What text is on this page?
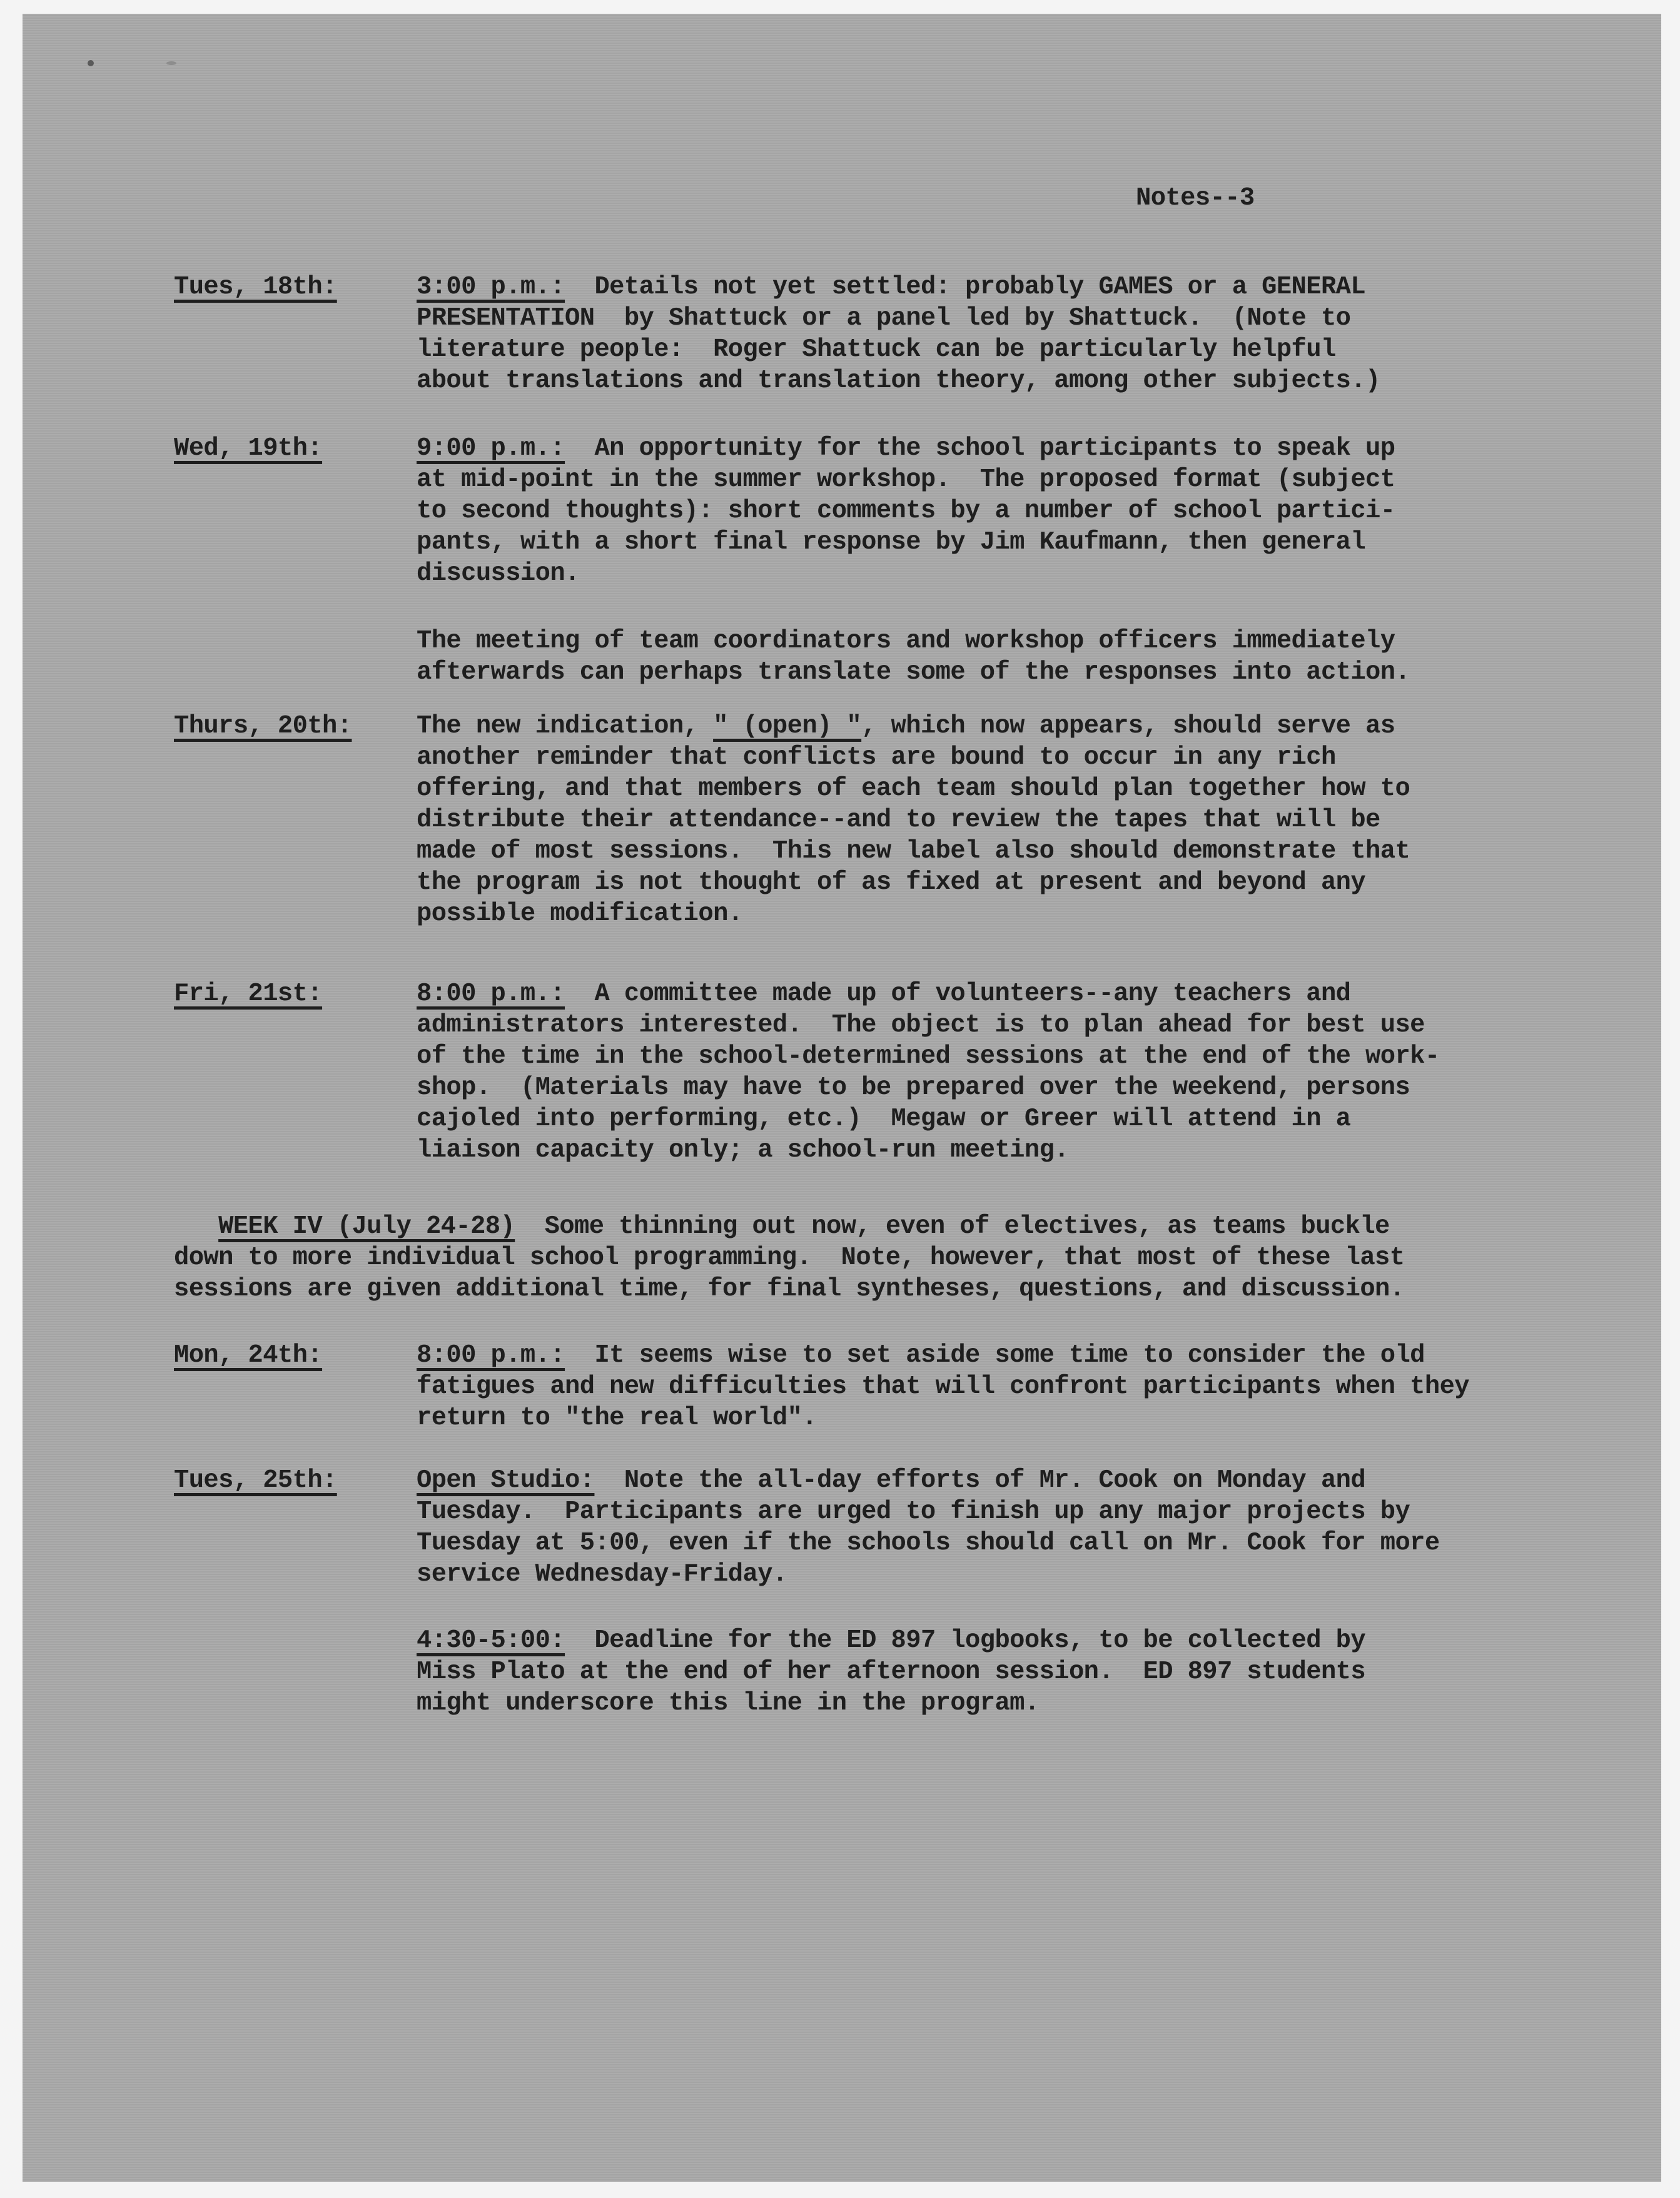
Notes--3
Tues, 18th:	3:00 p.m.:  Details not yet settled: probably GAMES or a GENERAL
PRESENTATION  by Shattuck or a panel led by Shattuck.  (Note to
literature people:  Roger Shattuck can be particularly helpful
about translations and translation theory, among other subjects.)
Wed, 19th:	9:00 p.m.:  An opportunity for the school participants to speak up
at mid-point in the summer workshop.  The proposed format (subject
to second thoughts): short comments by a number of school partici-
pants, with a short final response by Jim Kaufmann, then general
discussion.
The meeting of team coordinators and workshop officers immediately
afterwards can perhaps translate some of the responses into action.
Thurs, 20th:	The new indication, " (open) ", which now appears, should serve as
another reminder that conflicts are bound to occur in any rich
offering, and that members of each team should plan together how to
distribute their attendance--and to review the tapes that will be
made of most sessions.  This new label also should demonstrate that
the program is not thought of as fixed at present and beyond any
possible modification.
Fri, 21st:	8:00 p.m.:  A committee made up of volunteers--any teachers and
administrators interested.  The object is to plan ahead for best use
of the time in the school-determined sessions at the end of the work-
shop.  (Materials may have to be prepared over the weekend, persons
cajoled into performing, etc.)  Megaw or Greer will attend in a
liaison capacity only; a school-run meeting.
WEEK IV (July 24-28)  Some thinning out now, even of electives, as teams buckle
down to more individual school programming.  Note, however, that most of these last
sessions are given additional time, for final syntheses, questions, and discussion.
Mon, 24th:	8:00 p.m.:  It seems wise to set aside some time to consider the old
fatigues and new difficulties that will confront participants when they
return to "the real world".
Tues, 25th:	Open Studio:  Note the all-day efforts of Mr. Cook on Monday and
Tuesday.  Participants are urged to finish up any major projects by
Tuesday at 5:00, even if the schools should call on Mr. Cook for more
service Wednesday-Friday.
4:30-5:00:  Deadline for the ED 897 logbooks, to be collected by
Miss Plato at the end of her afternoon session.  ED 897 students
might underscore this line in the program.
